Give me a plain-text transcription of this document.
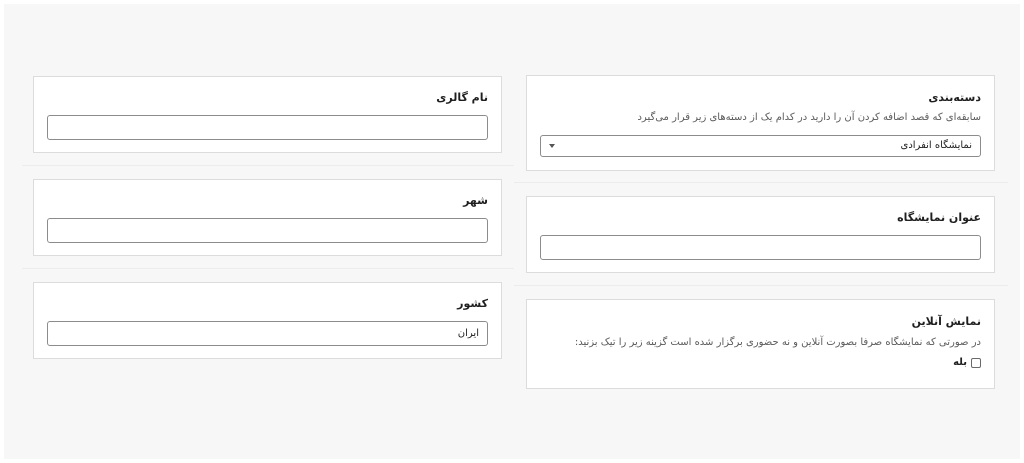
دسته‌بندی
سابقه‌ای که قصد اضافه کردن آن را دارید در کدام یک از دسته‌های زیر قرار می‌گیرد
نمایشگاه انفرادی
عنوان نمایشگاه
نمایش آنلاین
در صورتی که نمایشگاه صرفا بصورت آنلاین و نه حضوری برگزار شده است گزینه زیر را تیک بزنید:
بله
نام گالری
شهر
کشور
ایران
